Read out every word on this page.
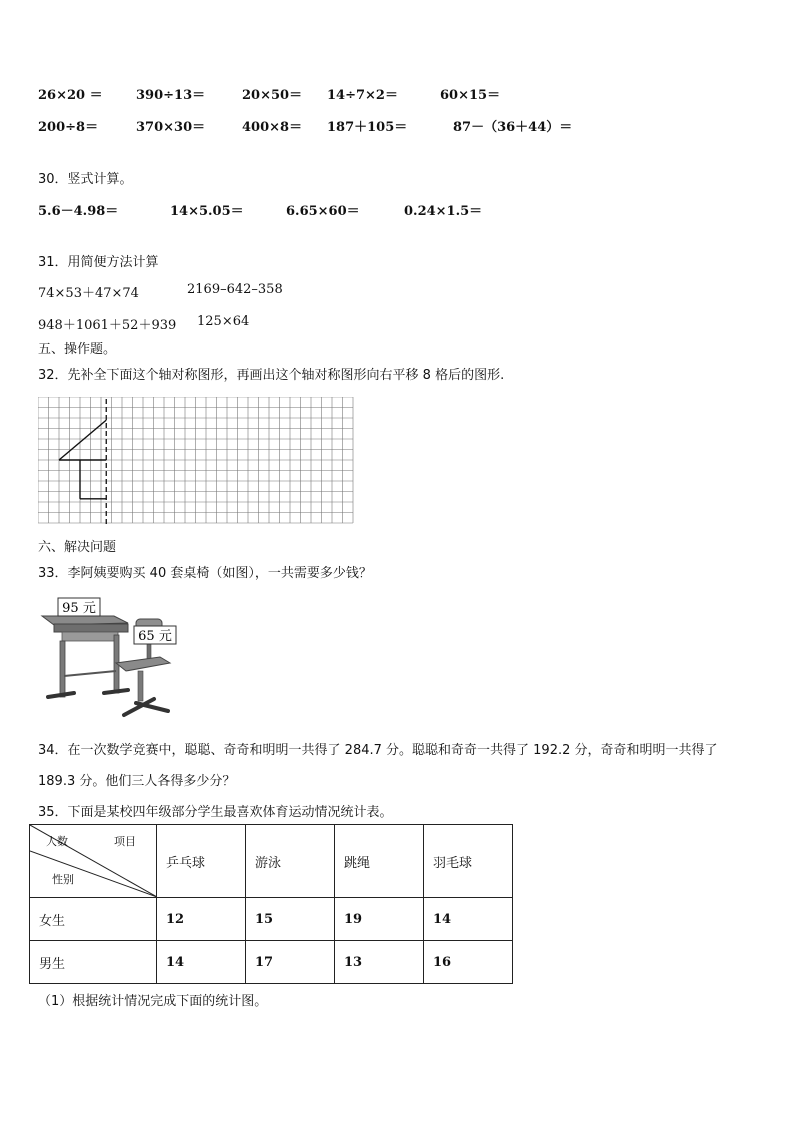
26×20 ＝	390÷13＝	20×50＝ 14÷7×2＝	60×15＝
200÷8＝	370×30＝	400×8＝ 187＋105＝	87－（36＋44）＝
30．竖式计算。
5.6－4.98＝	14×5.05＝	6.65×60＝	0.24×1.5＝
31．用简便方法计算
74×53＋47×74	2169–642–358
948＋1061＋52＋939 125×64
五、操作题。
32．先补全下面这个轴对称图形，再画出这个轴对称图形向右平移 8 格后的图形.
六、解决问题
33．李阿姨要购买 40 套桌椅（如图），一共需要多少钱？
95 元
65 元
34．在一次数学竞赛中，聪聪、奇奇和明明一共得了 284.7 分。聪聪和奇奇一共得了 192.2 分，奇奇和明明一共得了
189.3 分。他们三人各得多少分？
35．下面是某校四年级部分学生最喜欢体育运动情况统计表。
人数 项目
性别	乒乓球	游泳	跳绳	羽毛球
女生	12	15	19	14
男生	14	17	13	16
（1）根据统计情况完成下面的统计图。
